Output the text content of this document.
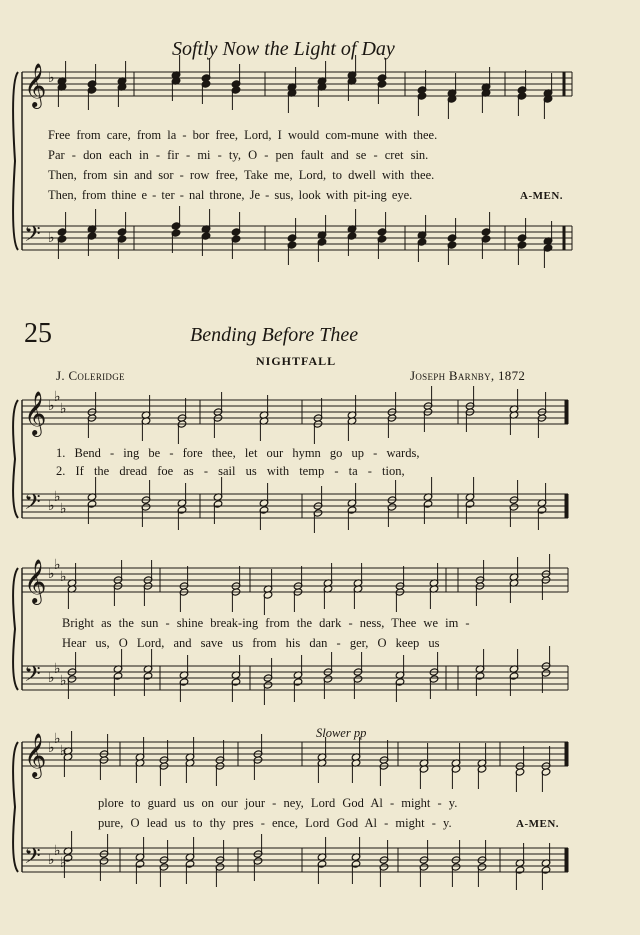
Softly Now the Light of Day
𝄞
𝄢
♭
♭
𝄞
𝄢
♭
♭
♭
♭
♭
♭
𝄞
𝄢
♭
♭
♭
♭
♭
♭
𝄞
𝄢
♭
♭
♭
♭
♭
♭
Free from care, from la - bor free, Lord, I would com-mune with thee.
Par - don each in - fir - mi - ty, O - pen fault and se - cret sin.
Then, from sin and sor - row free, Take me, Lord, to dwell with thee.
Then, from thine e - ter - nal throne, Je - sus, look with pit-ing eye.	A-MEN.
25	Bending Before Thee
NIGHTFALL
J. Coleridge	Joseph Barnby, 1872
1. Bend - ing be - fore thee, let our hymn go up - wards,
2. If the dread foe as - sail us with temp - ta - tion,
Bright as the sun - shine break-ing from the dark - ness, Thee we im -
Hear us, O Lord, and save us from his dan - ger, O keep us
Slower pp
plore to guard us on our jour - ney, Lord God Al - might - y.
pure, O lead us to thy pres - ence, Lord God Al - might - y.	A-MEN.
